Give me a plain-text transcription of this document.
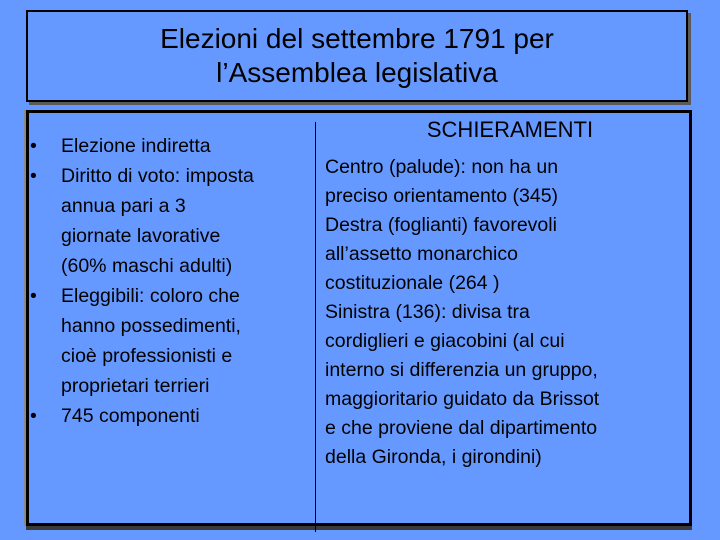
Elezioni del settembre 1791 per
l’Assemblea legislativa
• Elezione indiretta
• Diritto di voto: imposta
annua pari a 3
giornate lavorative
(60% maschi adulti)
• Eleggibili: coloro che
hanno possedimenti,
cioè professionisti e
proprietari terrieri
• 745 componenti
SCHIERAMENTI

Centro (palude): non ha un
preciso orientamento (345)

Destra (foglianti) favorevoli
all’assetto monarchico
costituzionale (264 )

Sinistra (136): divisa tra
cordiglieri e giacobini (al cui
interno si differenzia un gruppo,
maggioritario guidato da Brissot
e che proviene dal dipartimento
della Gironda, i girondini)
